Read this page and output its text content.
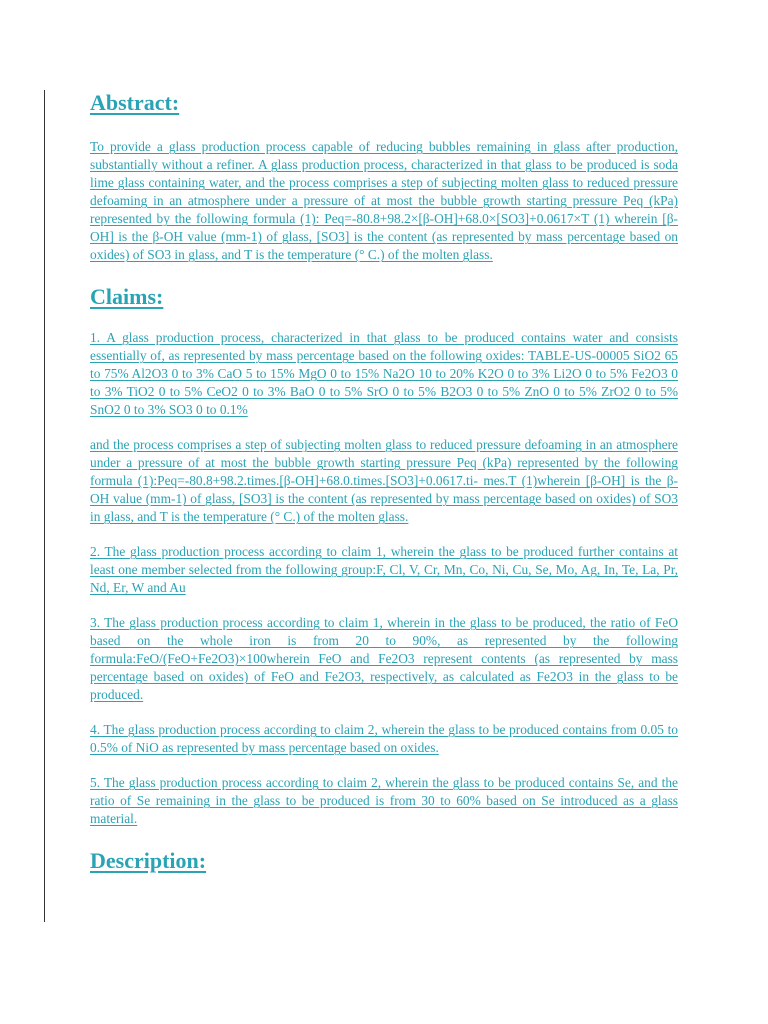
Abstract:

To provide a glass production process capable of reducing bubbles remaining in glass after production, substantially without a refiner. A glass production process, characterized in that glass to be produced is soda lime glass containing water, and the process comprises a step of subjecting molten glass to reduced pressure defoaming in an atmosphere under a pressure of at most the bubble growth starting pressure Peq (kPa) represented by the following formula (1): Peq=-80.8+98.2×[β-OH]+68.0×[SO3]+0.0617×T (1) wherein [β-OH] is the β-OH value (mm-1) of glass, [SO3] is the content (as represented by mass percentage based on oxides) of SO3 in glass, and T is the temperature (° C.) of the molten glass.

Claims:

1. A glass production process, characterized in that glass to be produced contains water and consists essentially of, as represented by mass percentage based on the following oxides: TABLE-US-00005 SiO2 65 to 75% Al2O3 0 to 3% CaO 5 to 15% MgO 0 to 15% Na2O 10 to 20% K2O 0 to 3% Li2O 0 to 5% Fe2O3 0 to 3% TiO2 0 to 5% CeO2 0 to 3% BaO 0 to 5% SrO 0 to 5% B2O3 0 to 5% ZnO 0 to 5% ZrO2 0 to 5% SnO2 0 to 3% SO3 0 to 0.1%

and the process comprises a step of subjecting molten glass to reduced pressure defoaming in an atmosphere under a pressure of at most the bubble growth starting pressure Peq (kPa) represented by the following formula (1):Peq=-80.8+98.2.times.[β-OH]+68.0.times.[SO3]+0.0617.ti- mes.T (1)wherein [β-OH] is the β-OH value (mm-1) of glass, [SO3] is the content (as represented by mass percentage based on oxides) of SO3 in glass, and T is the temperature (° C.) of the molten glass.

2. The glass production process according to claim 1, wherein the glass to be produced further contains at least one member selected from the following group:F, Cl, V, Cr, Mn, Co, Ni, Cu, Se, Mo, Ag, In, Te, La, Pr, Nd, Er, W and Au

3. The glass production process according to claim 1, wherein in the glass to be produced, the ratio of FeO based on the whole iron is from 20 to 90%, as represented by the following formula:FeO/(FeO+Fe2O3)×100wherein FeO and Fe2O3 represent contents (as represented by mass percentage based on oxides) of FeO and Fe2O3, respectively, as calculated as Fe2O3 in the glass to be produced.

4. The glass production process according to claim 2, wherein the glass to be produced contains from 0.05 to 0.5% of NiO as represented by mass percentage based on oxides.

5. The glass production process according to claim 2, wherein the glass to be produced contains Se, and the ratio of Se remaining in the glass to be produced is from 30 to 60% based on Se introduced as a glass material.

Description:
